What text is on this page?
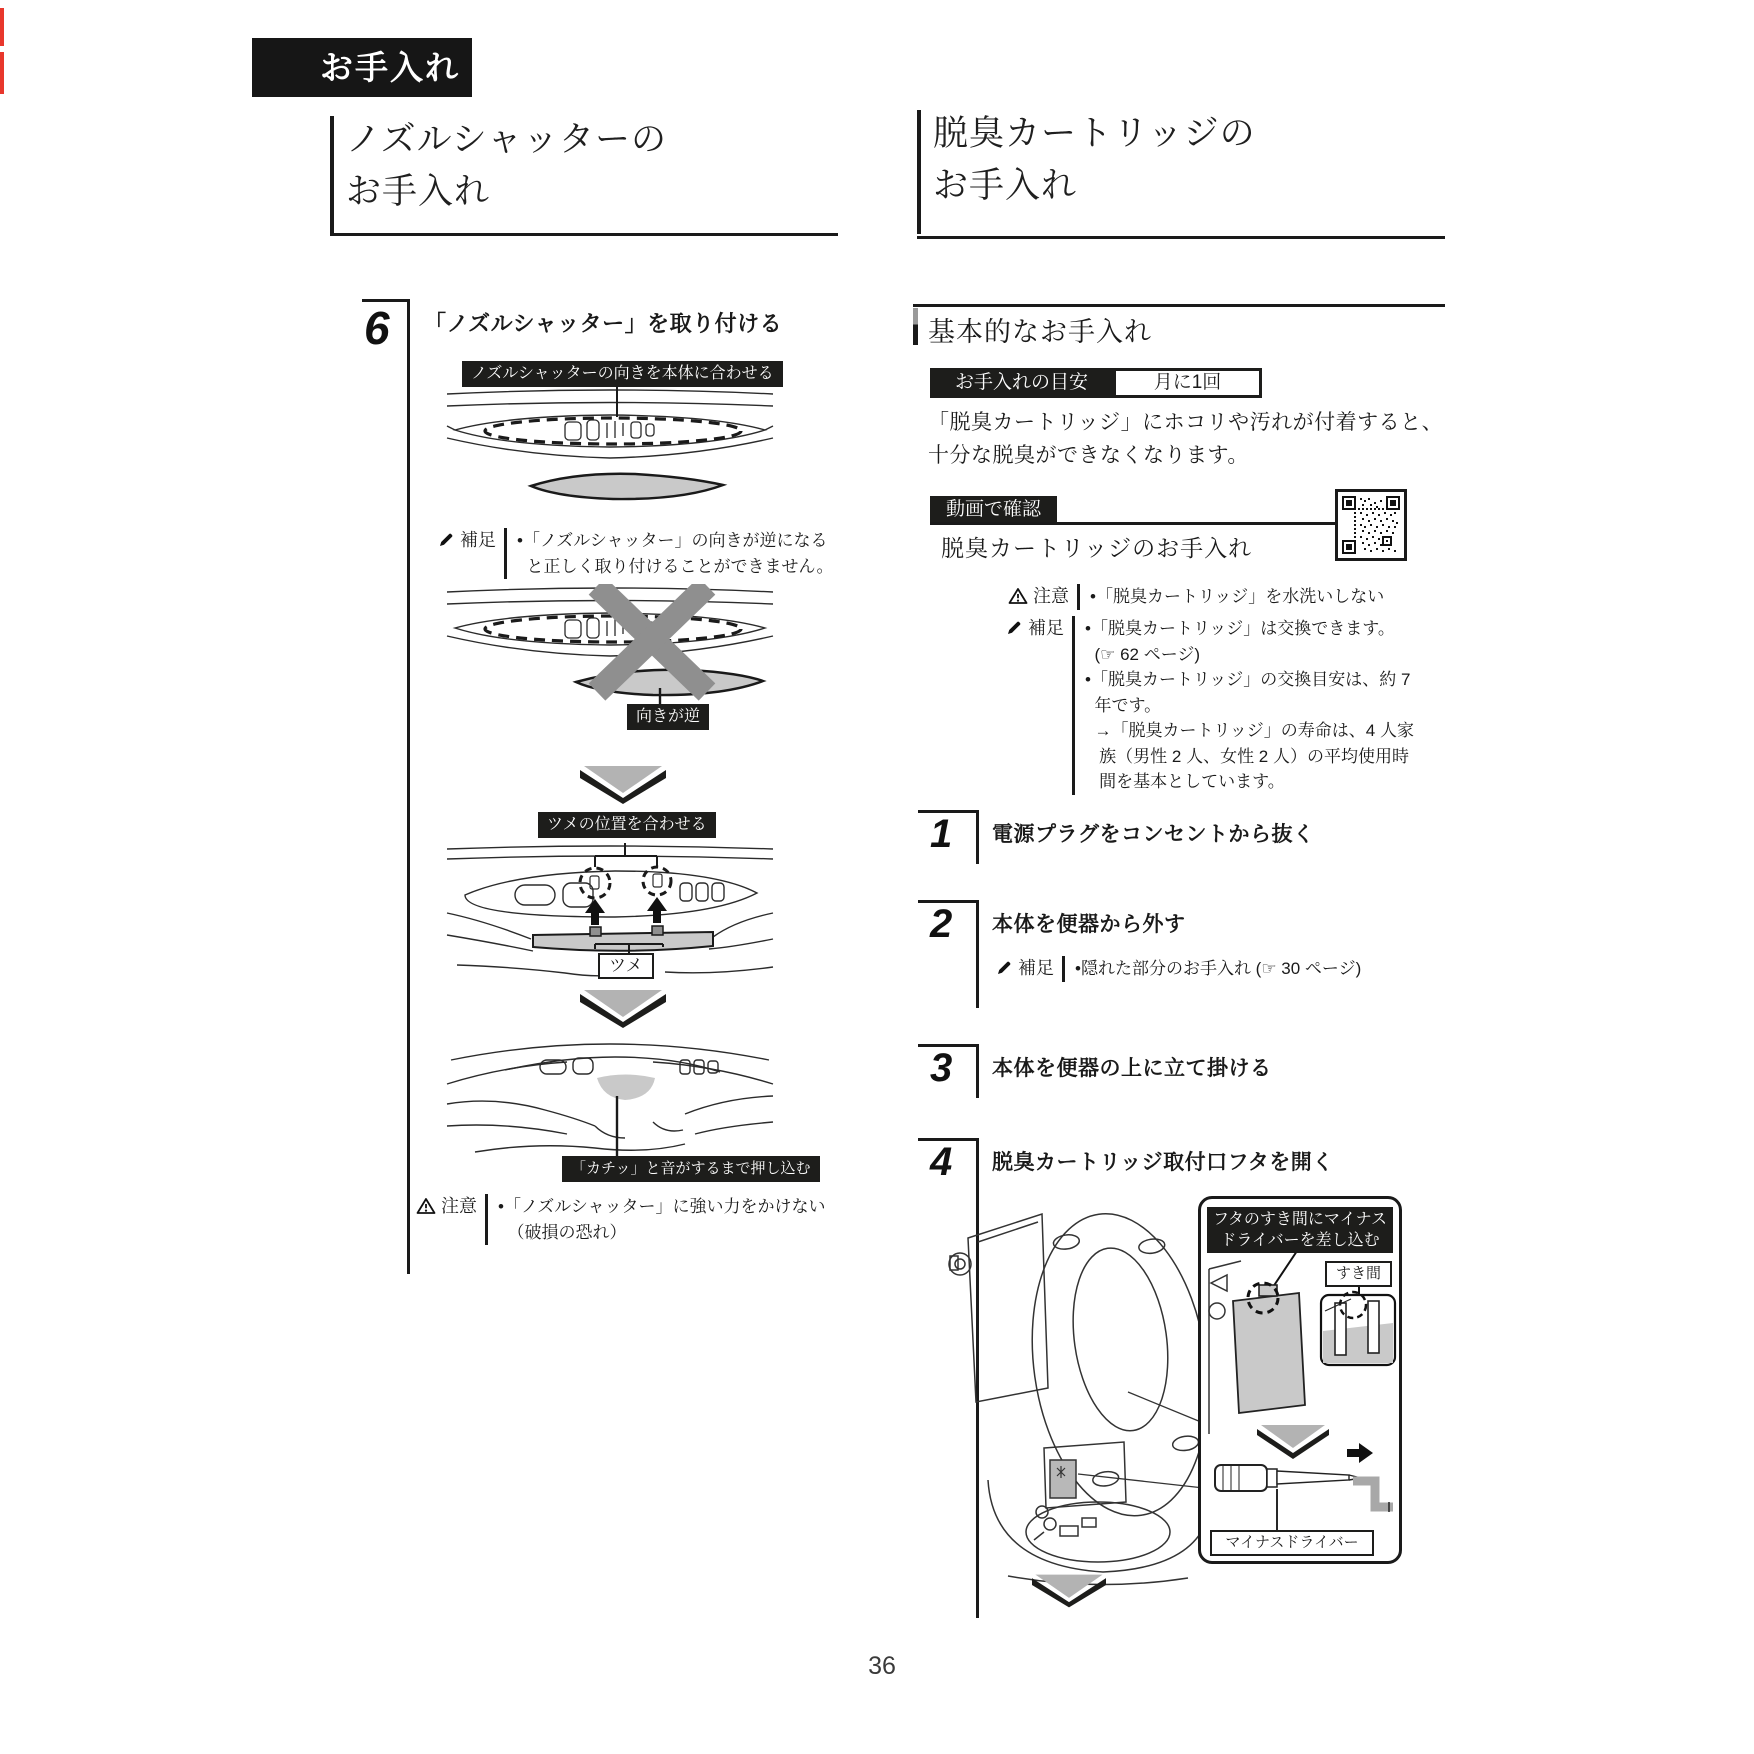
お手入れ
ノズルシャッターの
お手入れ
6 「ノズルシャッター」を取り付ける
ノズルシャッターの向きを本体に合わせる
補足 •「ノズルシャッター」の向きが逆になる
と正しく取り付けることができません。
向きが逆
ツメの位置を合わせる
ツメ
「カチッ」と音がするまで押し込む
注意 •「ノズルシャッター」に強い力をかけない
（破損の恐れ）
脱臭カートリッジの
お手入れ
基本的なお手入れ
お手入れの目安	月に1回
「脱臭カートリッジ」にホコリや汚れが付着すると、
十分な脱臭ができなくなります。
動画で確認
脱臭カートリッジのお手入れ
注意 •「脱臭カートリッジ」を水洗いしない
補足 •「脱臭カートリッジ」は交換できます。
(☞ 62 ページ)
•「脱臭カートリッジ」の交換目安は、約 7
年です。
→「脱臭カートリッジ」の寿命は、4 人家
族（男性 2 人、女性 2 人）の平均使用時
間を基本としています。
1 電源プラグをコンセントから抜く
2 本体を便器から外す
補足 •隠れた部分のお手入れ (☞ 30 ページ)
3 本体を便器の上に立て掛ける
4 脱臭カートリッジ取付口フタを開く
フタのすき間にマイナス
ドライバーを差し込む
すき間
マイナスドライバー
36
